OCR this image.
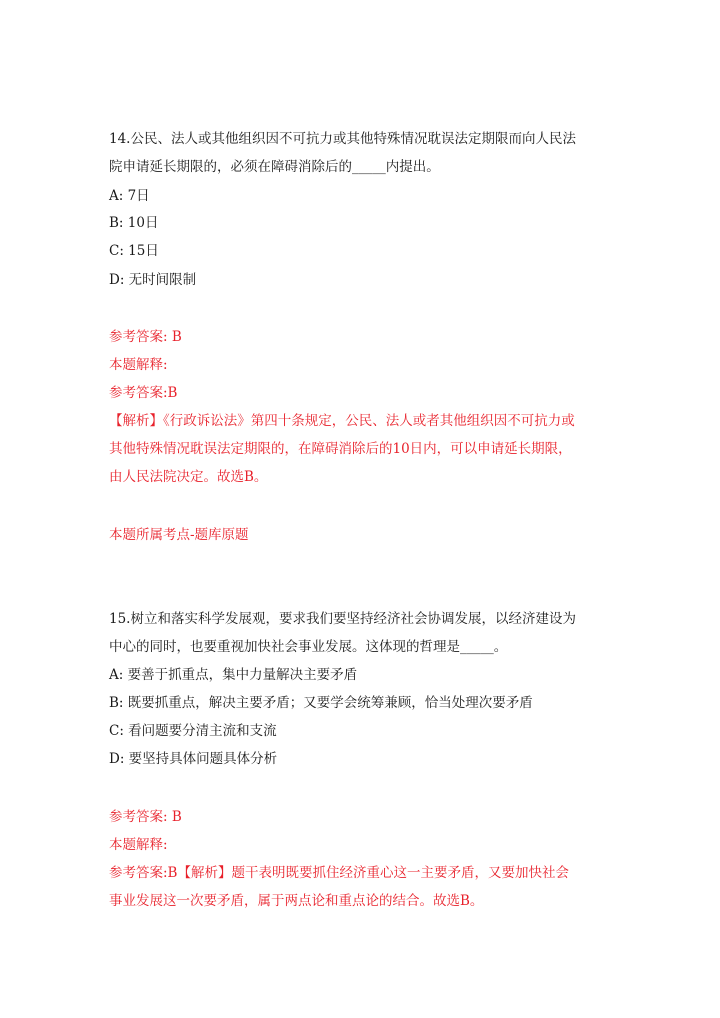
14.公民、法人或其他组织因不可抗力或其他特殊情况耽误法定期限而向人民法
院申请延长期限的，必须在障碍消除后的_____内提出。
A: 7日
B: 10日
C: 15日
D: 无时间限制
参考答案: B
本题解释:
参考答案:B
【解析】《行政诉讼法》第四十条规定，公民、法人或者其他组织因不可抗力或
其他特殊情况耽误法定期限的，在障碍消除后的10日内，可以申请延长期限，
由人民法院决定。故选B。
本题所属考点-题库原题
15.树立和落实科学发展观，要求我们要坚持经济社会协调发展，以经济建设为
中心的同时，也要重视加快社会事业发展。这体现的哲理是_____。
A: 要善于抓重点，集中力量解决主要矛盾
B: 既要抓重点，解决主要矛盾；又要学会统筹兼顾，恰当处理次要矛盾
C: 看问题要分清主流和支流
D: 要坚持具体问题具体分析
参考答案: B
本题解释:
参考答案:B【解析】题干表明既要抓住经济重心这一主要矛盾，又要加快社会
事业发展这一次要矛盾，属于两点论和重点论的结合。故选B。
